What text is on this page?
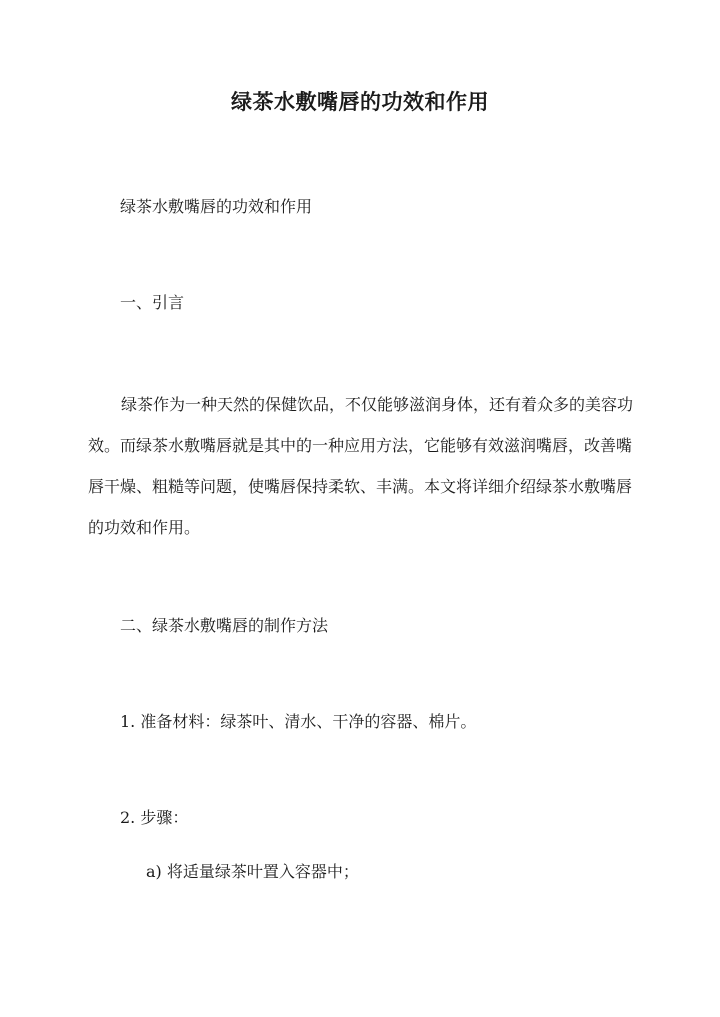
绿茶水敷嘴唇的功效和作用

绿茶水敷嘴唇的功效和作用

一、引言

绿茶作为一种天然的保健饮品，不仅能够滋润身体，还有着众多的美容功效。而绿茶水敷嘴唇就是其中的一种应用方法，它能够有效滋润嘴唇，改善嘴唇干燥、粗糙等问题，使嘴唇保持柔软、丰满。本文将详细介绍绿茶水敷嘴唇的功效和作用。

二、绿茶水敷嘴唇的制作方法

1. 准备材料：绿茶叶、清水、干净的容器、棉片。

2. 步骤：

a) 将适量绿茶叶置入容器中；
